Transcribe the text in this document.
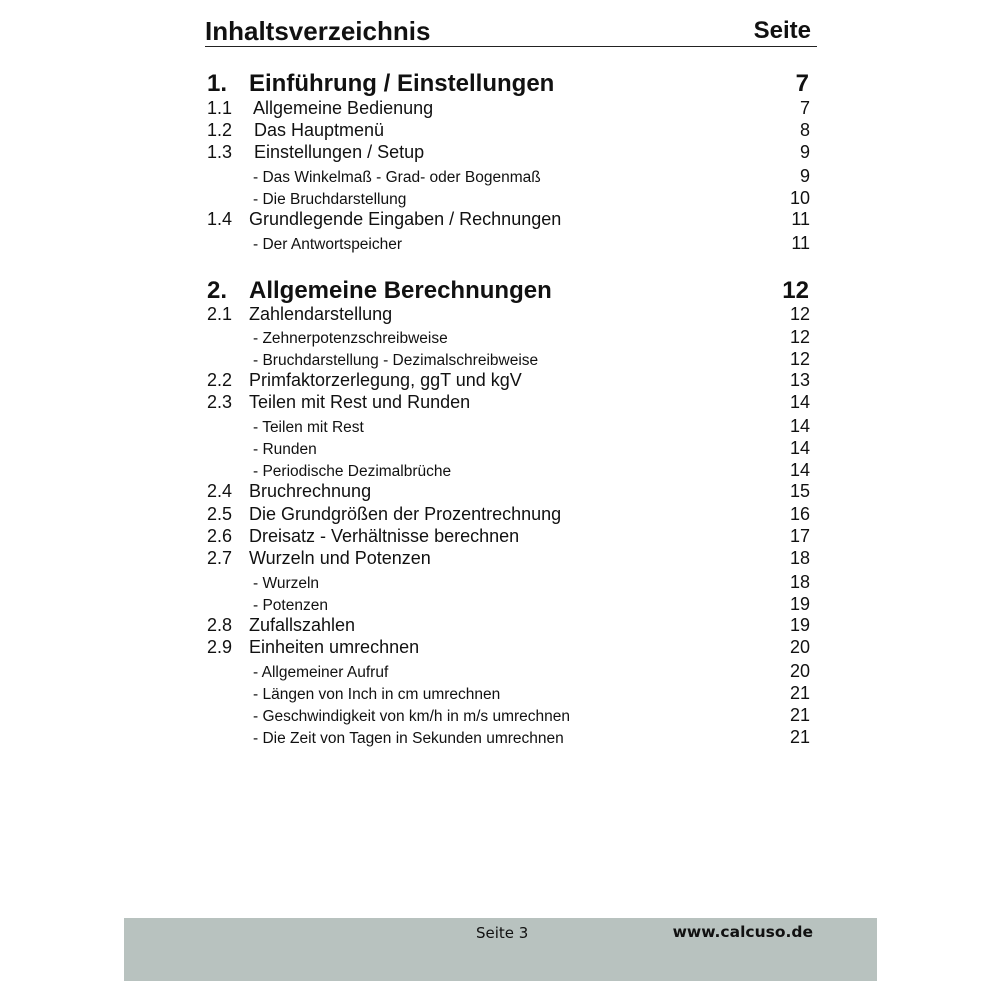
Inhaltsverzeichnis	Seite
1. Einführung / Einstellungen	7
1.1 Allgemeine Bedienung	7
1.2 Das Hauptmenü	8
1.3 Einstellungen / Setup	9
- Das Winkelmaß - Grad- oder Bogenmaß	9
- Die Bruchdarstellung	10
1.4 Grundlegende Eingaben / Rechnungen	11
- Der Antwortspeicher	11
2. Allgemeine Berechnungen	12
2.1 Zahlendarstellung	12
- Zehnerpotenzschreibweise	12
- Bruchdarstellung - Dezimalschreibweise	12
2.2 Primfaktorzerlegung, ggT und kgV	13
2.3 Teilen mit Rest und Runden	14
- Teilen mit Rest	14
- Runden	14
- Periodische Dezimalbrüche	14
2.4 Bruchrechnung	15
2.5 Die Grundgrößen der Prozentrechnung	16
2.6 Dreisatz - Verhältnisse berechnen	17
2.7 Wurzeln und Potenzen	18
- Wurzeln	18
- Potenzen	19
2.8 Zufallszahlen	19
2.9 Einheiten umrechnen	20
- Allgemeiner Aufruf	20
- Längen von Inch in cm umrechnen	21
- Geschwindigkeit von km/h in m/s umrechnen	21
- Die Zeit von Tagen in Sekunden umrechnen	21
Seite 3	www.calcuso.de
